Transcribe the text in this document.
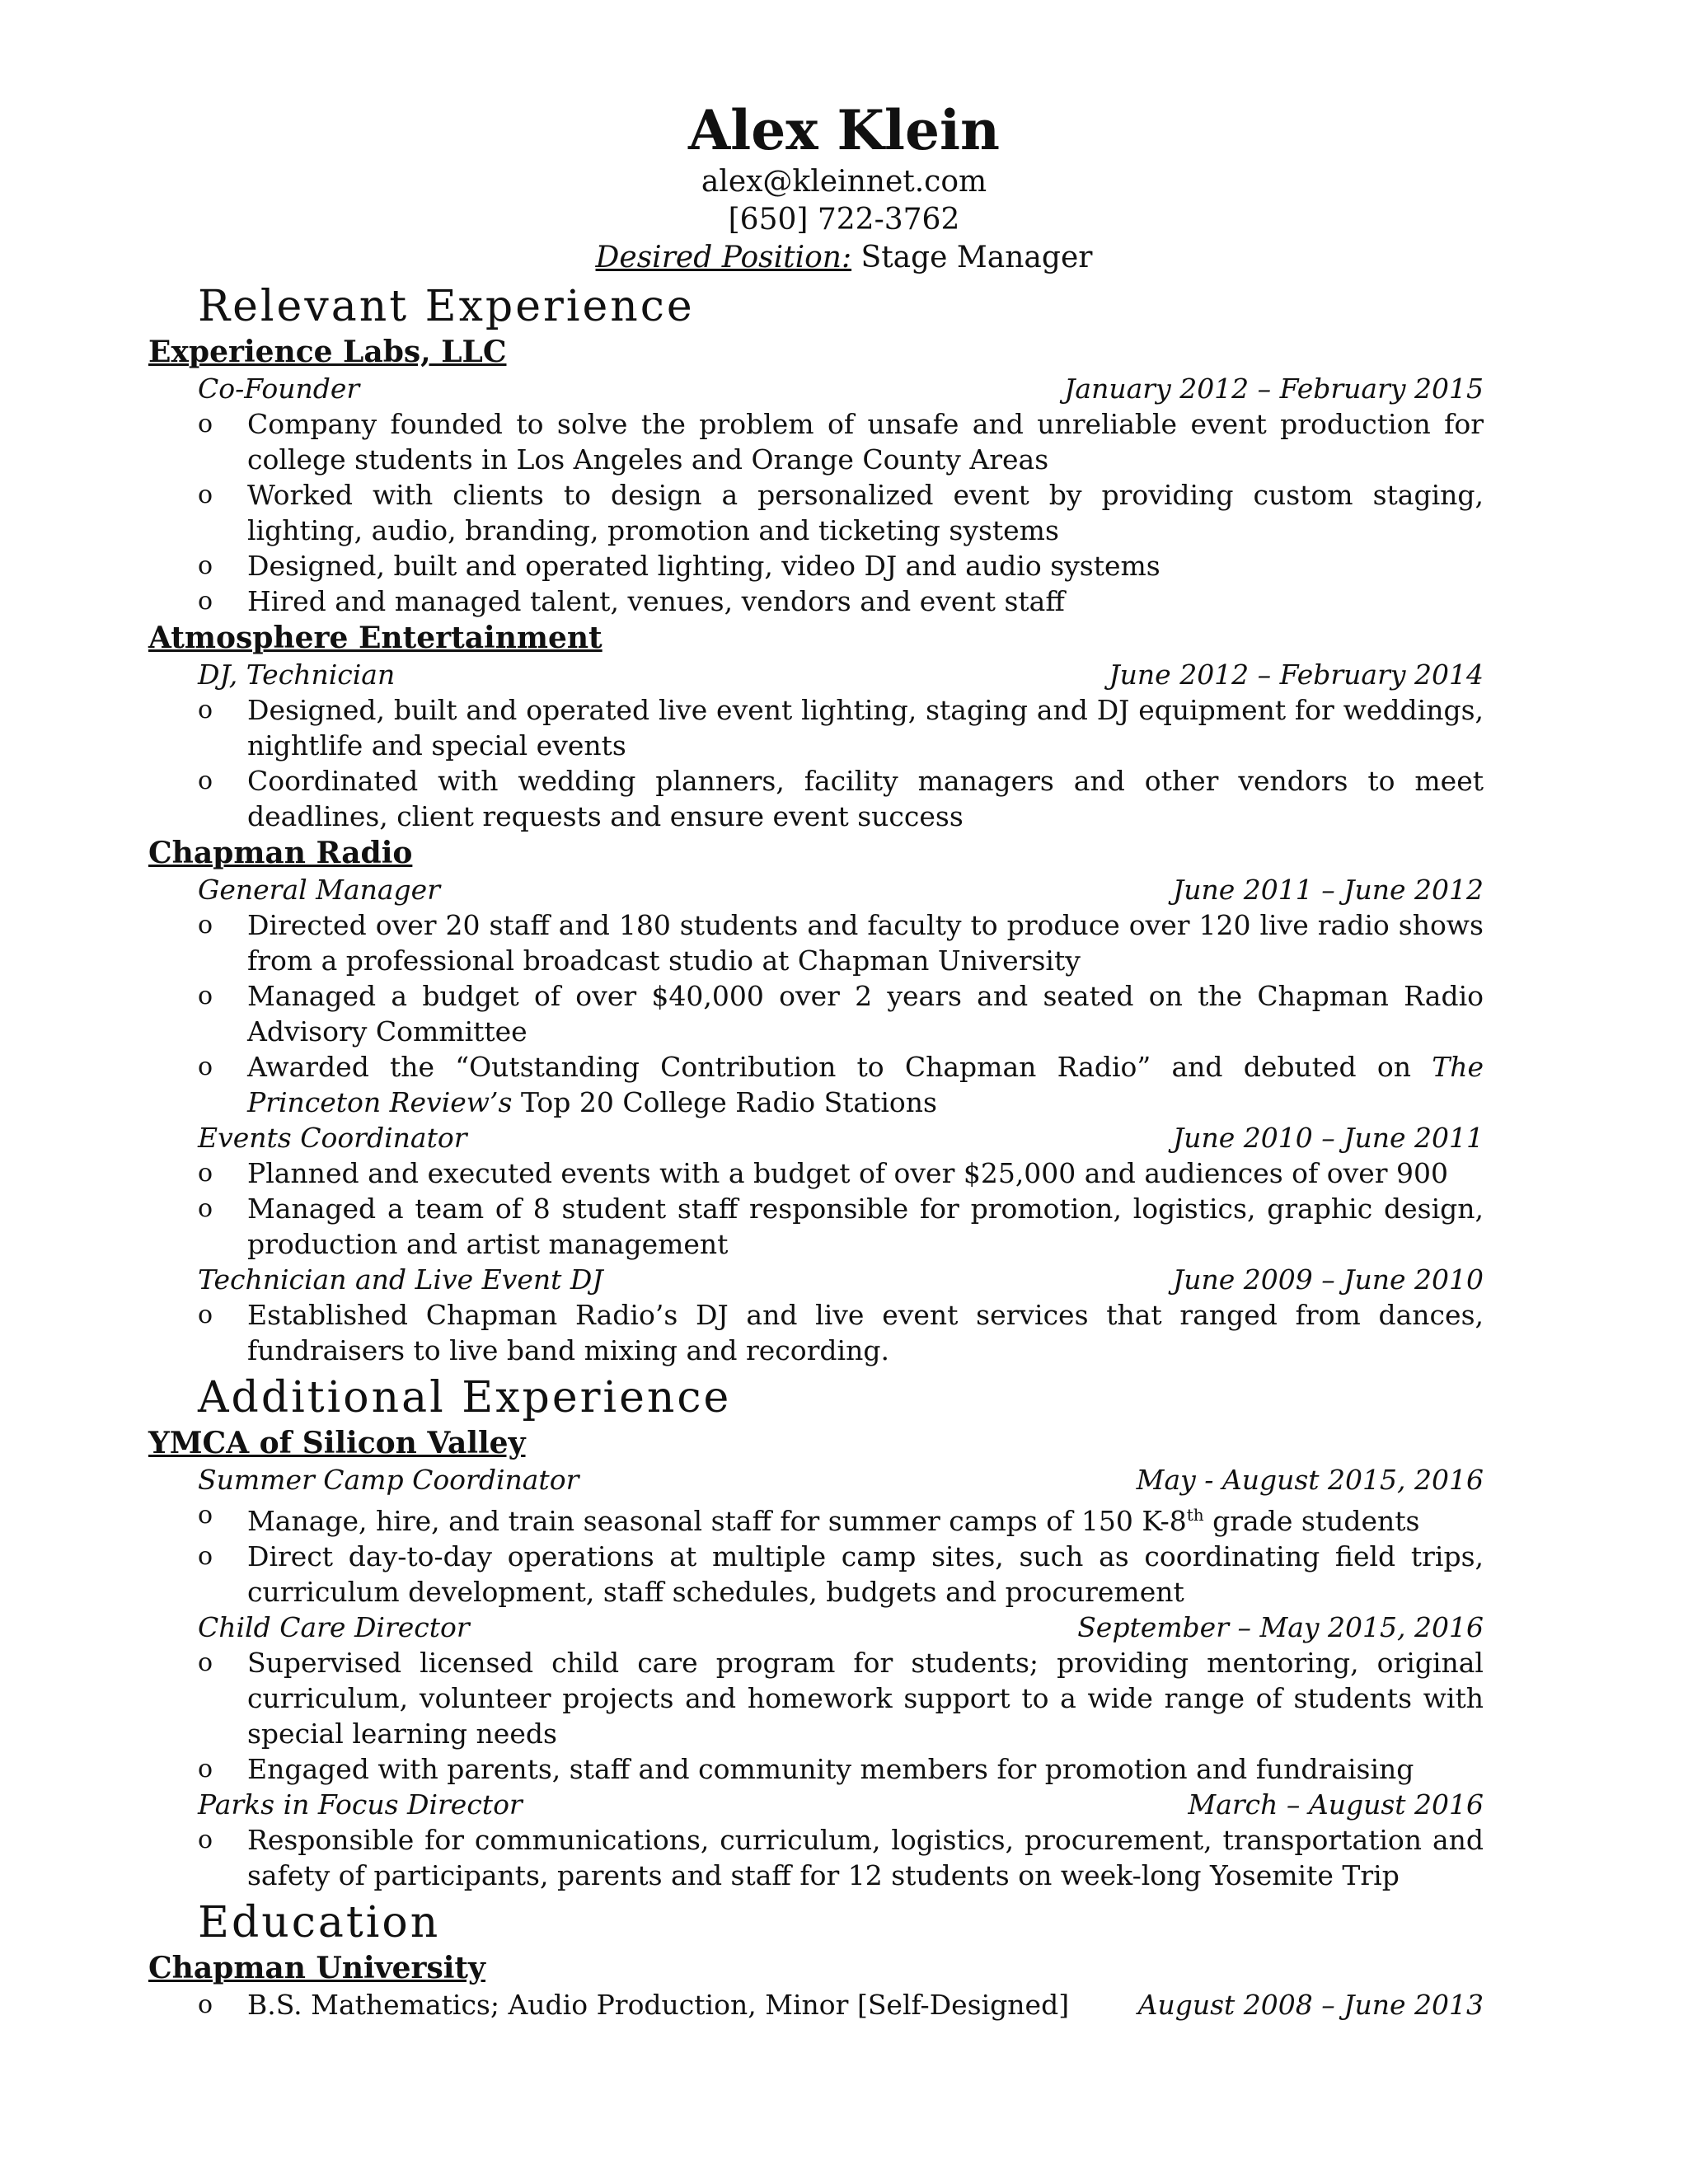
Alex Klein
alex@kleinnet.com
[650] 722-3762
Desired Position: Stage Manager
Relevant Experience
Experience Labs, LLC
Co-Founder	January 2012 – February 2015
o	Company founded to solve the problem of unsafe and unreliable event production for college students in Los Angeles and Orange County Areas
o	Worked with clients to design a personalized event by providing custom staging, lighting, audio, branding, promotion and ticketing systems
o	Designed, built and operated lighting, video DJ and audio systems
o	Hired and managed talent, venues, vendors and event staff
Atmosphere Entertainment
DJ, Technician	June 2012 – February 2014
o	Designed, built and operated live event lighting, staging and DJ equipment for weddings, nightlife and special events
o	Coordinated with wedding planners, facility managers and other vendors to meet deadlines, client requests and ensure event success
Chapman Radio
General Manager	June 2011 – June 2012
o	Directed over 20 staff and 180 students and faculty to produce over 120 live radio shows from a professional broadcast studio at Chapman University
o	Managed a budget of over $40,000 over 2 years and seated on the Chapman Radio Advisory Committee
o	Awarded the “Outstanding Contribution to Chapman Radio” and debuted on The Princeton Review’s Top 20 College Radio Stations
Events Coordinator	June 2010 – June 2011
o	Planned and executed events with a budget of over $25,000 and audiences of over 900
o	Managed a team of 8 student staff responsible for promotion, logistics, graphic design, production and artist management
Technician and Live Event DJ	June 2009 – June 2010
o	Established Chapman Radio’s DJ and live event services that ranged from dances, fundraisers to live band mixing and recording.
Additional Experience
YMCA of Silicon Valley
Summer Camp Coordinator	May - August 2015, 2016
o	Manage, hire, and train seasonal staff for summer camps of 150 K-8th grade students
o	Direct day-to-day operations at multiple camp sites, such as coordinating field trips, curriculum development, staff schedules, budgets and procurement
Child Care Director	September – May 2015, 2016
o	Supervised licensed child care program for students; providing mentoring, original curriculum, volunteer projects and homework support to a wide range of students with special learning needs
o	Engaged with parents, staff and community members for promotion and fundraising
Parks in Focus Director	March – August 2016
o	Responsible for communications, curriculum, logistics, procurement, transportation and safety of participants, parents and staff for 12 students on week-long Yosemite Trip
Education
Chapman University
o	B.S. Mathematics; Audio Production, Minor [Self-Designed]	August 2008 – June 2013
